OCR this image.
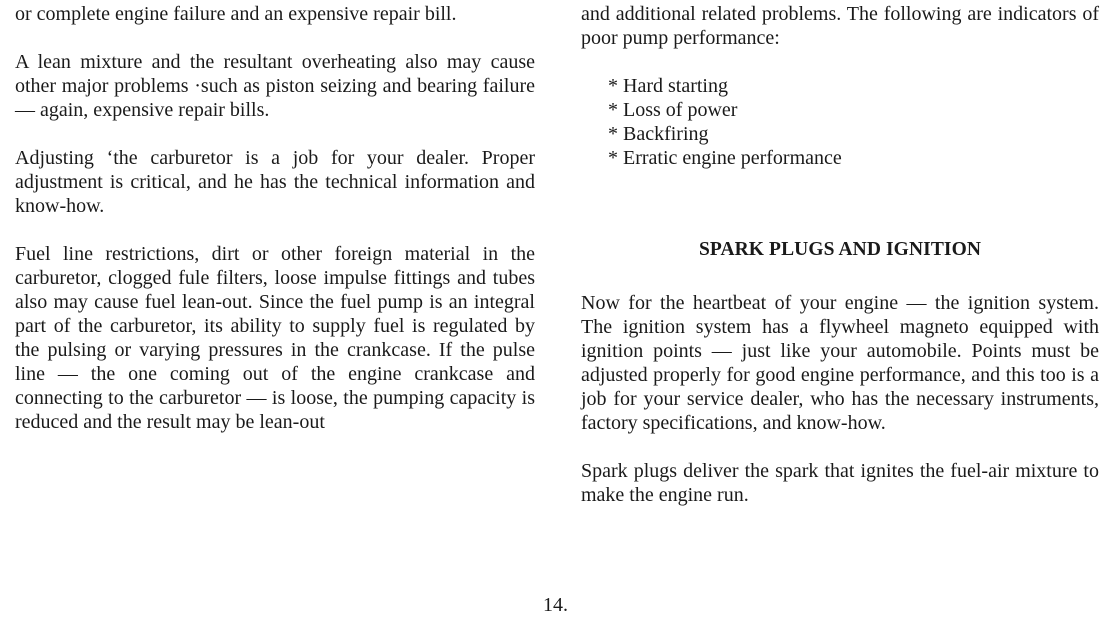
or complete engine failure and an expensive repair bill.

A lean mixture and the resultant overheating also may cause other major problems ·such as piston seizing and bearing failure — again, expensive repair bills.

Adjusting ʻthe carburetor is a job for your dealer. Proper adjustment is critical, and he has the technical information and know-how.

Fuel line restrictions, dirt or other foreign material in the carburetor, clogged fule filters, loose impulse fittings and tubes also may cause fuel lean-out. Since the fuel pump is an integral part of the carburetor, its ability to supply fuel is regulated by the pulsing or varying pressures in the crankcase. If the pulse line — the one coming out of the engine crankcase and connecting to the carburetor — is loose, the pumping capacity is reduced and the result may be lean-out

and additional related problems. The following are indicators of poor pump performance:

* Hard starting
* Loss of power
* Backfiring
* Erratic engine performance
SPARK PLUGS AND IGNITION

Now for the heartbeat of your engine — the ignition system. The ignition system has a flywheel magneto equipped with ignition points — just like your automobile. Points must be adjusted properly for good engine performance, and this too is a job for your service dealer, who has the necessary instruments, factory specifications, and know-how.

Spark plugs deliver the spark that ignites the fuel-air mixture to make the engine run.

14.
